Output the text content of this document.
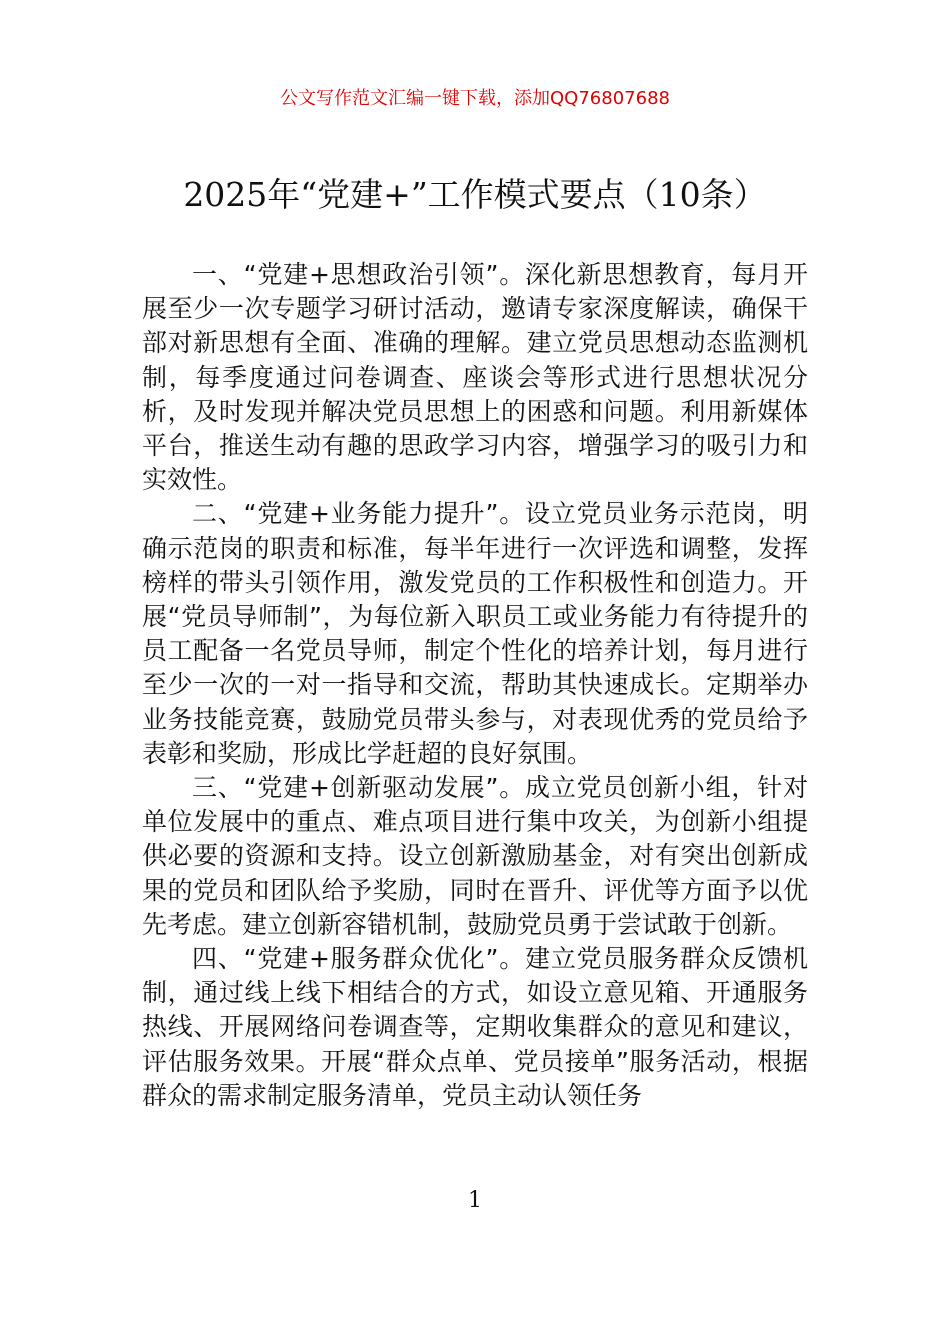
公文写作范文汇编一键下载，添加QQ76807688
2025年“党建+”工作模式要点（10条）

一、“党建+思想政治引领”。深化新思想教育，每月开展至少一次专题学习研讨活动，邀请专家深度解读，确保干部对新思想有全面、准确的理解。建立党员思想动态监测机制，每季度通过问卷调查、座谈会等形式进行思想状况分析，及时发现并解决党员思想上的困惑和问题。利用新媒体平台，推送生动有趣的思政学习内容，增强学习的吸引力和实效性。

二、“党建+业务能力提升”。设立党员业务示范岗，明确示范岗的职责和标准，每半年进行一次评选和调整，发挥榜样的带头引领作用，激发党员的工作积极性和创造力。开展“党员导师制”，为每位新入职员工或业务能力有待提升的员工配备一名党员导师，制定个性化的培养计划，每月进行至少一次的一对一指导和交流，帮助其快速成长。定期举办业务技能竞赛，鼓励党员带头参与，对表现优秀的党员给予表彰和奖励，形成比学赶超的良好氛围。

三、“党建+创新驱动发展”。成立党员创新小组，针对单位发展中的重点、难点项目进行集中攻关，为创新小组提供必要的资源和支持。设立创新激励基金，对有突出创新成果的党员和团队给予奖励，同时在晋升、评优等方面予以优先考虑。建立创新容错机制，鼓励党员勇于尝试敢于创新。

四、“党建+服务群众优化”。建立党员服务群众反馈机制，通过线上线下相结合的方式，如设立意见箱、开通服务热线、开展网络问卷调查等，定期收集群众的意见和建议，评估服务效果。开展“群众点单、党员接单”服务活动，根据群众的需求制定服务清单，党员主动认领任务

1
